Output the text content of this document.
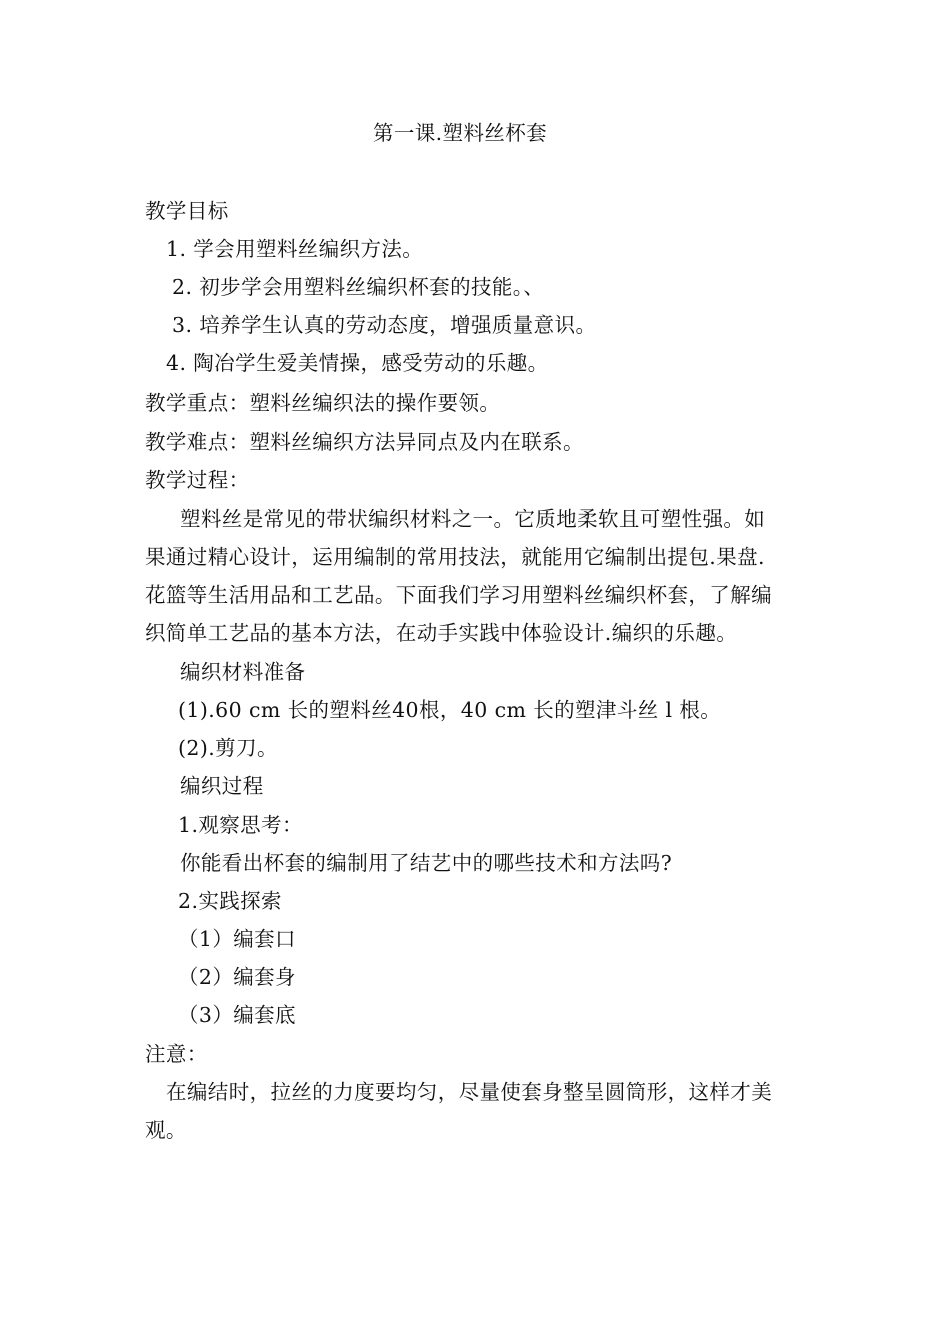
第一课.塑料丝杯套
教学目标
1. 学会用塑料丝编织方法。
2. 初步学会用塑料丝编织杯套的技能。、
3. 培养学生认真的劳动态度，增强质量意识。
4. 陶冶学生爱美情操，感受劳动的乐趣。
教学重点：塑料丝编织法的操作要领。
教学难点：塑料丝编织方法异同点及内在联系。
教学过程：
塑料丝是常见的带状编织材料之一。它质地柔软且可塑性强。如
果通过精心设计，运用编制的常用技法，就能用它编制出提包.果盘.
花篮等生活用品和工艺品。下面我们学习用塑料丝编织杯套，了解编
织简单工艺品的基本方法，在动手实践中体验设计.编织的乐趣。
编织材料准备
(1).60 cm 长的塑料丝40根，40 cm 长的塑津斗丝 l 根。
(2).剪刀。
编织过程
1.观察思考：
你能看出杯套的编制用了结艺中的哪些技术和方法吗?
2.实践探索
（1）编套口
（2）编套身
（3）编套底
注意：
在编结时，拉丝的力度要均匀，尽量使套身整呈圆筒形，这样才美
观。
